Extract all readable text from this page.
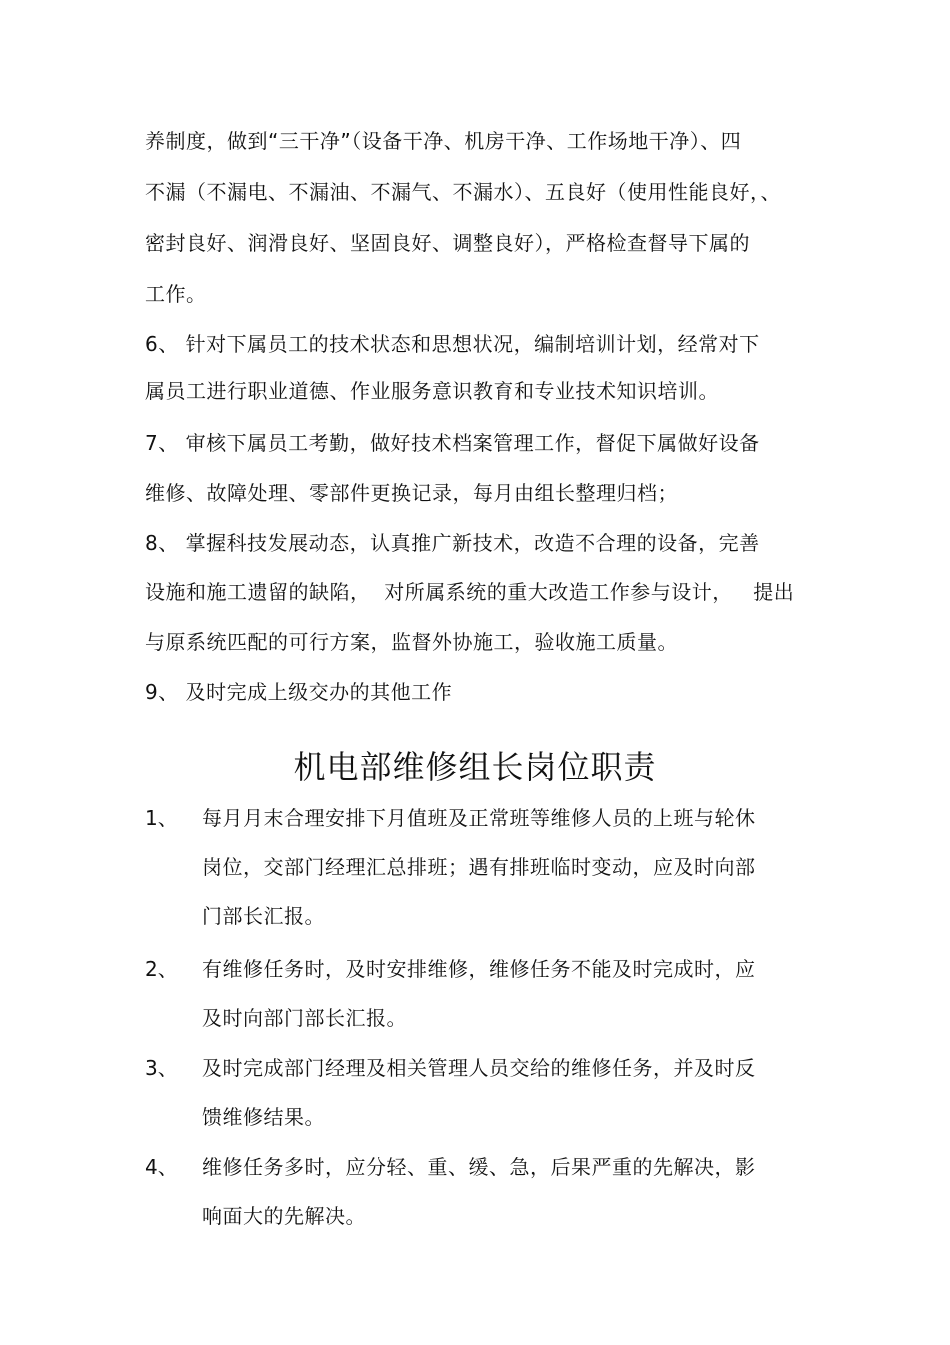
养制度，做到“三干净”（设备干净、机房干净、工作场地干净）、四
不漏（不漏电、不漏油、不漏气、不漏水）、五良好（使用性能良好，、
密封良好、润滑良好、坚固良好、调整良好），严格检查督导下属的
工作。
6、 针对下属员工的技术状态和思想状况，编制培训计划，经常对下
属员工进行职业道德、作业服务意识教育和专业技术知识培训。
7、 审核下属员工考勤，做好技术档案管理工作，督促下属做好设备
维修、故障处理、零部件更换记录，每月由组长整理归档；
8、 掌握科技发展动态，认真推广新技术，改造不合理的设备，完善
设施和施工遗留的缺陷，  对所属系统的重大改造工作参与设计，   提出
与原系统匹配的可行方案，监督外协施工，验收施工质量。
9、 及时完成上级交办的其他工作
机电部维修组长岗位职责
1、 每月月末合理安排下月值班及正常班等维修人员的上班与轮休
岗位，交部门经理汇总排班；遇有排班临时变动，应及时向部
门部长汇报。
2、 有维修任务时，及时安排维修，维修任务不能及时完成时，应
及时向部门部长汇报。
3、 及时完成部门经理及相关管理人员交给的维修任务，并及时反
馈维修结果。
4、 维修任务多时，应分轻、重、缓、急，后果严重的先解决，影
响面大的先解决。
